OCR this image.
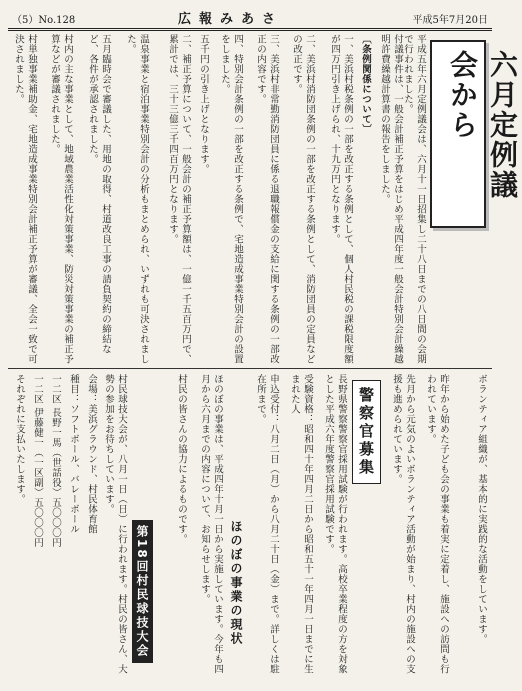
（5）No.128	広報みあさ	平成5年7月20日
六月定例議会から
平成五年六月定例議会は、六月十一日招集し二十八日までの八日間の会期で行われました。
付議事件は、一般会計補正予算をはじめ平成四年度一般会計特別会計繰越明許費繰越計算書の報告をしました。
〔条例関係について〕
一、美浜村税条例の一部を改正する条例として、個人村民税の課税限度額が四万円引き上げられ、十九万円となります。
二、美浜村消防団条例の一部を改正する条例として、消防団員の定員などの改正です。
三、美浜村非常勤消防団員に係る退職報償金の支給に関する条例の一部改正の内容です。
四、特別会計条例の一部を改正する条例で、宅地造成事業特別会計の設置をしました。
五千円の引き上げとなります。
二、補正予算について、一般会計の補正予算額は、一億一千五百万円で、累計では、三十三億三千四百万円となります。
温泉事業と宿泊事業特別会計の分析もまとめられ、いずれも可決されました。
五月臨時会で審議した、用地の取得、村道改良工事の請負契約の締結など、各件が承認されました。
村内の主な事業として、地域農業活性化対策事業、防災対策事業の補正予算などが審議されました。
村単独事業補助金、宅地造成事業特別会計補正予算が審議、全会一致で可決されました。
ボランティア組織が、基本的に実践的な活動をしています。
昨年から始めた子ども会の事業も着実に定着し、施設への訪問も行われています。
先月から元気のよいボランティア活動が始まり、村内の施設への支援も進められています。
警察官募集
長野県警察警察官採用試験が行われます。高校卒業程度の方を対象とした平成六年度警察官採用試験です。
受験資格：昭和四十年四月二日から昭和五十一年四月一日までに生まれた人
申込受付：八月二日（月）から八月二十日（金）まで。詳しくは駐在所まで。
ほのぼの事業の現状
ほのぼの事業は、平成四年十月一日から実施しています。今年も四月から六月までの内容について、お知らせします。
村民の皆さんの協力によるものです。
第18回村民球技大会
村民球技大会が、八月一日（日）に行われます。村民の皆さん、大勢の参加をお待ちしています。
会場：美浜グラウンド、村民体育館
種目：ソフトボール、バレーボール
一二区 長野一馬（世話役）五〇〇〇円
一二区 伊藤健一（一区副）五〇〇〇円
それぞれに支払いたします。
